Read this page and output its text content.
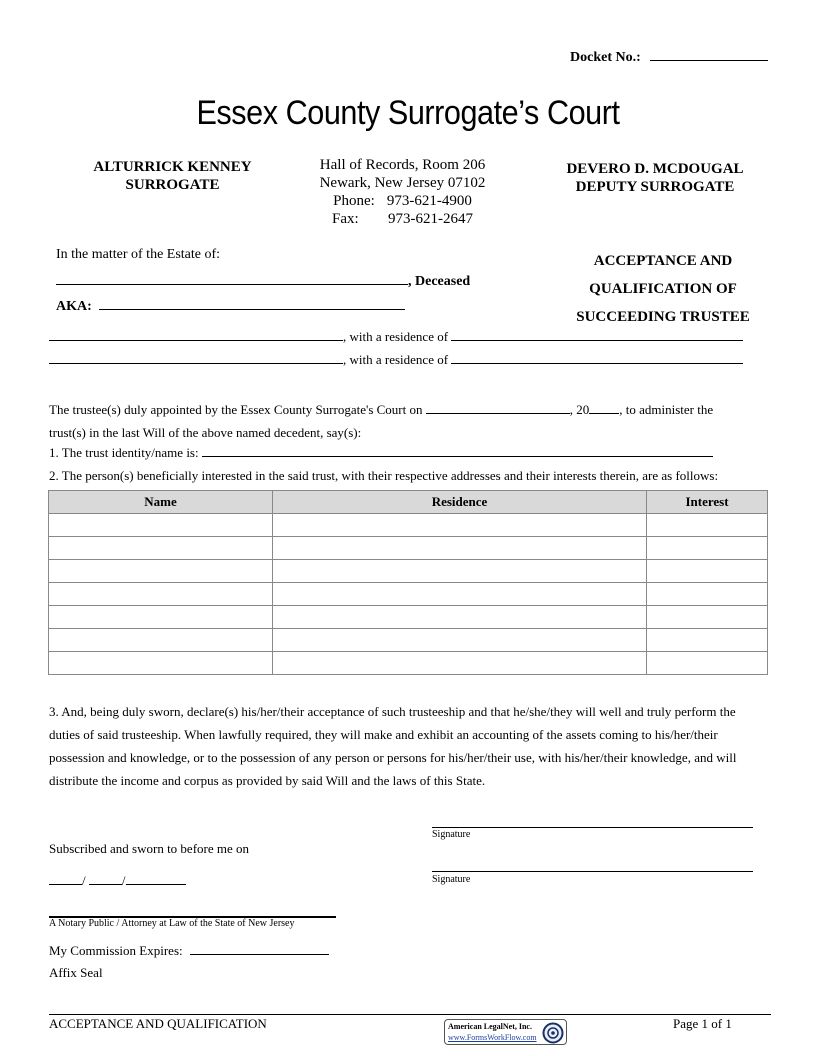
Docket No.:
Essex County Surrogate’s Court
ALTURRICK KENNEY
SURROGATE
Hall of Records, Room 206
Newark, New Jersey 07102
Phone: 973-621-4900
Fax:	973-621-2647
DEVERO D. MCDOUGAL
DEPUTY SURROGATE
In the matter of the Estate of:
, Deceased
AKA:
ACCEPTANCE AND
QUALIFICATION OF
SUCCEEDING TRUSTEE
, with a residence of
, with a residence of
The trustee(s) duly appointed by the Essex County Surrogate's Court on	, 20 , to administer the
trust(s) in the last Will of the above named decedent, say(s):
1. The trust identity/name is:
2. The person(s) beneficially interested in the said trust, with their respective addresses and their interests therein, are as follows:
Name	Residence	Interest

3. And, being duly sworn, declare(s) his/her/their acceptance of such trusteeship and that he/she/they will well and truly perform the
duties of said trusteeship. When lawfully required, they will make and exhibit an accounting of the assets coming to his/her/their
possession and knowledge, or to the possession of any person or persons for his/her/their use, with his/her/their knowledge, and will
distribute the income and corpus as provided by said Will and the laws of this State.
Signature
Signature
Subscribed and sworn to before me on
/	/
A Notary Public / Attorney at Law of the State of New Jersey
My Commission Expires:
Affix Seal
ACCEPTANCE AND QUALIFICATION	American LegalNet, Inc.
www.FormsWorkFlow.com
Page 1 of 1
